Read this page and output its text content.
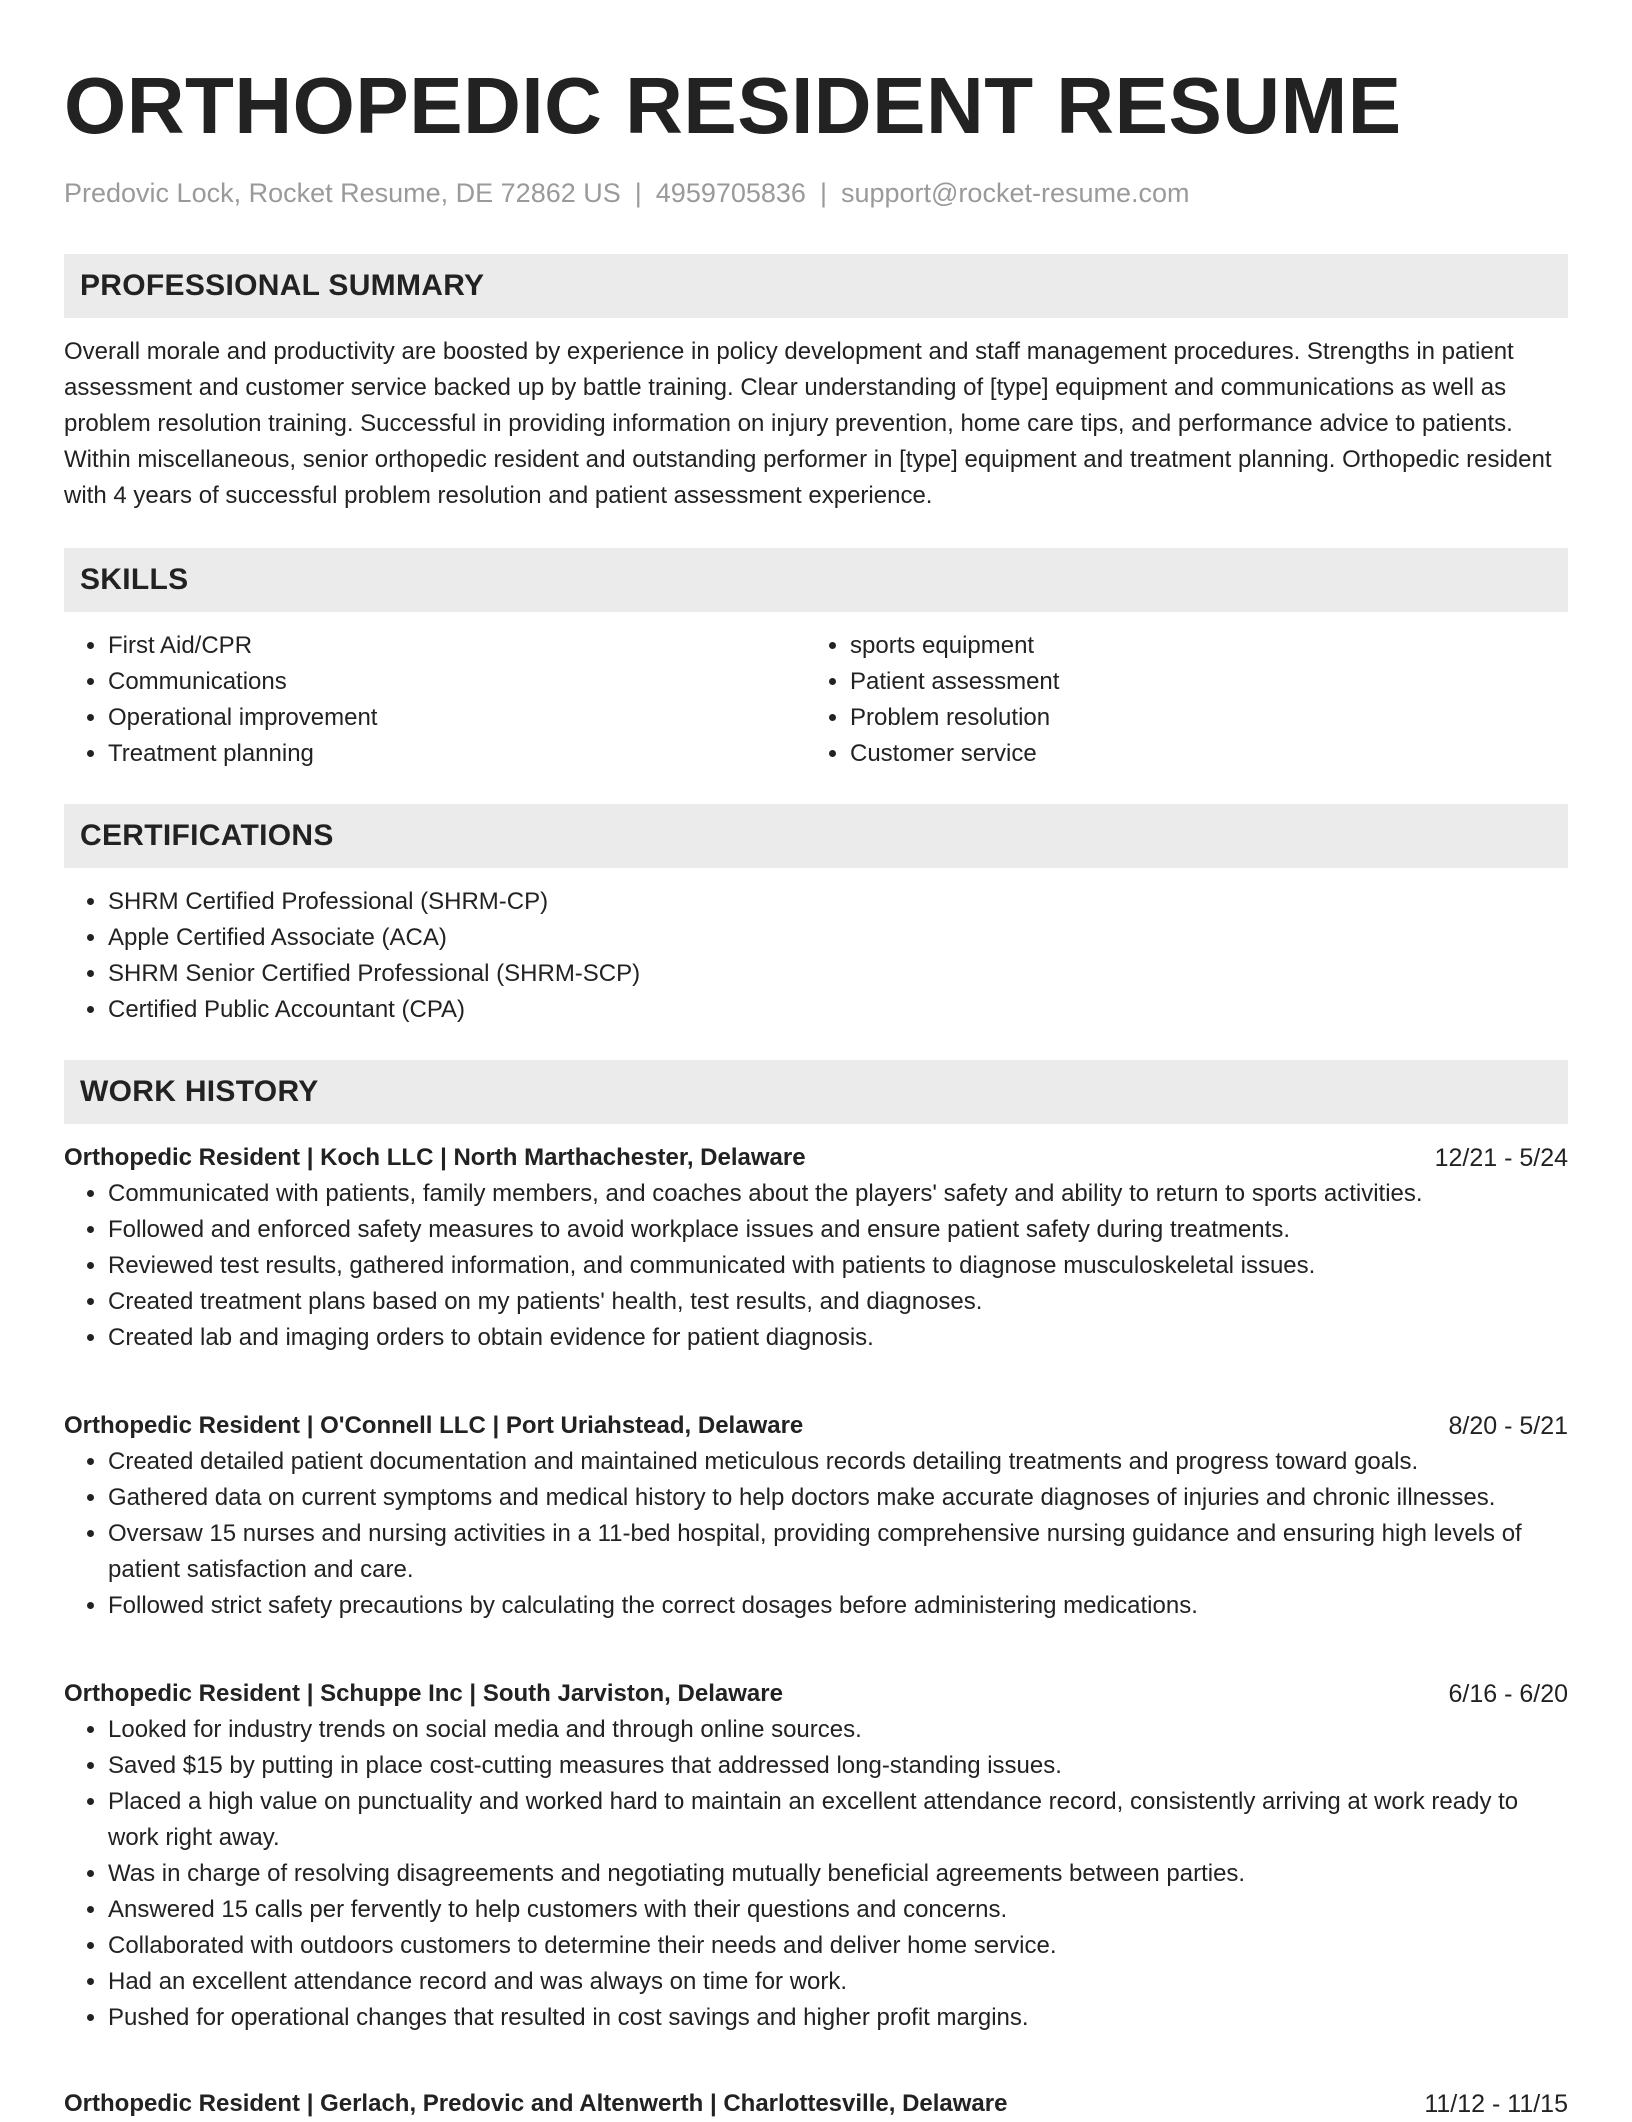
ORTHOPEDIC RESIDENT RESUME
Predovic Lock, Rocket Resume, DE 72862 US | 4959705836 | support@rocket-resume.com
PROFESSIONAL SUMMARY
Overall morale and productivity are boosted by experience in policy development and staff management procedures. Strengths in patient assessment and customer service backed up by battle training. Clear understanding of [type] equipment and communications as well as problem resolution training. Successful in providing information on injury prevention, home care tips, and performance advice to patients. Within miscellaneous, senior orthopedic resident and outstanding performer in [type] equipment and treatment planning. Orthopedic resident with 4 years of successful problem resolution and patient assessment experience.
SKILLS
• First Aid/CPR
• Communications
• Operational improvement
• Treatment planning
• sports equipment
• Patient assessment
• Problem resolution
• Customer service
CERTIFICATIONS
• SHRM Certified Professional (SHRM-CP)
• Apple Certified Associate (ACA)
• SHRM Senior Certified Professional (SHRM-SCP)
• Certified Public Accountant (CPA)
WORK HISTORY
Orthopedic Resident | Koch LLC | North Marthachester, Delaware	12/21 - 5/24
• Communicated with patients, family members, and coaches about the players' safety and ability to return to sports activities.
• Followed and enforced safety measures to avoid workplace issues and ensure patient safety during treatments.
• Reviewed test results, gathered information, and communicated with patients to diagnose musculoskeletal issues.
• Created treatment plans based on my patients' health, test results, and diagnoses.
• Created lab and imaging orders to obtain evidence for patient diagnosis.
Orthopedic Resident | O'Connell LLC | Port Uriahstead, Delaware	8/20 - 5/21
• Created detailed patient documentation and maintained meticulous records detailing treatments and progress toward goals.
• Gathered data on current symptoms and medical history to help doctors make accurate diagnoses of injuries and chronic illnesses.
• Oversaw 15 nurses and nursing activities in a 11-bed hospital, providing comprehensive nursing guidance and ensuring high levels of patient satisfaction and care.
• Followed strict safety precautions by calculating the correct dosages before administering medications.
Orthopedic Resident | Schuppe Inc | South Jarviston, Delaware	6/16 - 6/20
• Looked for industry trends on social media and through online sources.
• Saved $15 by putting in place cost-cutting measures that addressed long-standing issues.
• Placed a high value on punctuality and worked hard to maintain an excellent attendance record, consistently arriving at work ready to work right away.
• Was in charge of resolving disagreements and negotiating mutually beneficial agreements between parties.
• Answered 15 calls per fervently to help customers with their questions and concerns.
• Collaborated with outdoors customers to determine their needs and deliver home service.
• Had an excellent attendance record and was always on time for work.
• Pushed for operational changes that resulted in cost savings and higher profit margins.
Orthopedic Resident | Gerlach, Predovic and Altenwerth | Charlottesville, Delaware	11/12 - 11/15
